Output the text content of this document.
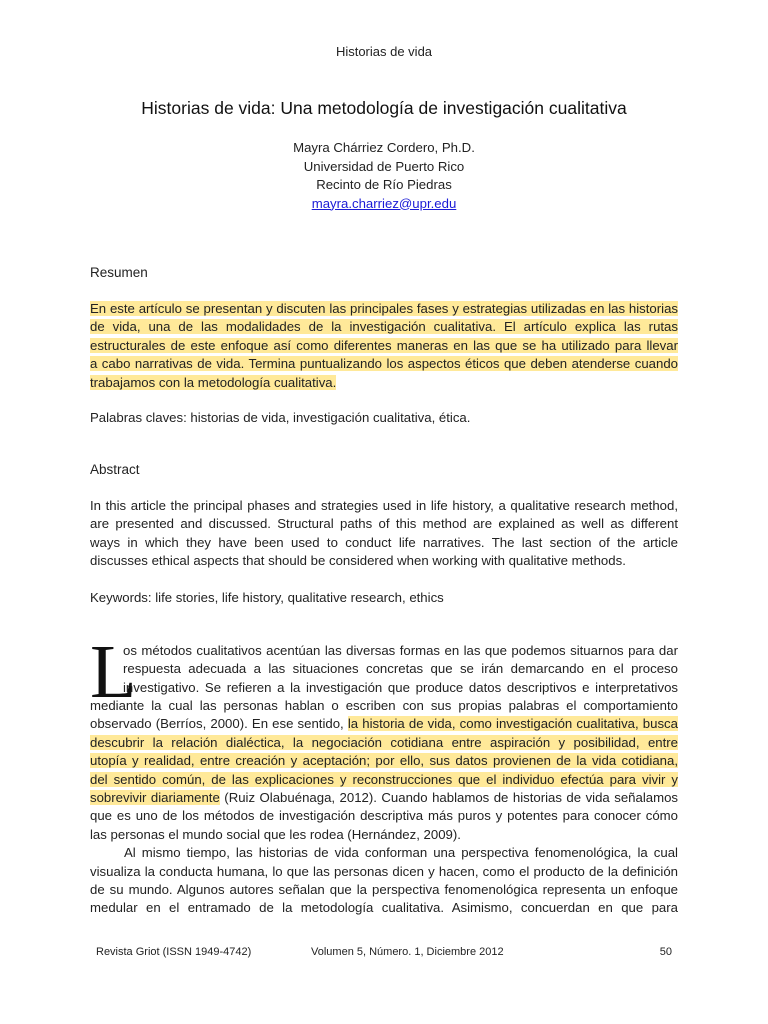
Historias de vida
Historias de vida: Una metodología de investigación cualitativa
Mayra Chárriez Cordero, Ph.D.
Universidad de Puerto Rico
Recinto de Río Piedras
mayra.charriez@upr.edu
Resumen
En este artículo se presentan y discuten las principales fases y estrategias utilizadas en las historias
de vida, una de las modalidades de la investigación cualitativa. El artículo explica las rutas
estructurales de este enfoque así como diferentes maneras en las que se ha utilizado para llevar
a cabo narrativas de vida. Termina puntualizando los aspectos éticos que deben atenderse cuando
trabajamos con la metodología cualitativa.
Palabras claves: historias de vida, investigación cualitativa, ética.
Abstract
In this article the principal phases and strategies used in life history, a qualitative research method,
are presented and discussed. Structural paths of this method are explained as well as different
ways in which they have been used to conduct life narratives. The last section of the article
discusses ethical aspects that should be considered when working with qualitative methods.
Keywords: life stories, life history, qualitative research, ethics
L
os métodos cualitativos acentúan las diversas formas en las que podemos situarnos para dar
respuesta adecuada a las situaciones concretas que se irán demarcando en el proceso
investigativo. Se refieren a la investigación que produce datos descriptivos e interpretativos
mediante la cual las personas hablan o escriben con sus propias palabras el comportamiento
observado (Berríos, 2000). En ese sentido, la historia de vida, como investigación cualitativa, busca
descubrir la relación dialéctica, la negociación cotidiana entre aspiración y posibilidad, entre
utopía y realidad, entre creación y aceptación; por ello, sus datos provienen de la vida cotidiana,
del sentido común, de las explicaciones y reconstrucciones que el individuo efectúa para vivir y
sobrevivir diariamente (Ruiz Olabuénaga, 2012). Cuando hablamos de historias de vida señalamos
que es uno de los métodos de investigación descriptiva más puros y potentes para conocer cómo
las personas el mundo social que les rodea (Hernández, 2009).
Al mismo tiempo, las historias de vida conforman una perspectiva fenomenológica, la cual
visualiza la conducta humana, lo que las personas dicen y hacen, como el producto de la definición
de su mundo. Algunos autores señalan que la perspectiva fenomenológica representa un enfoque
medular en el entramado de la metodología cualitativa. Asimismo, concuerdan en que para
Revista Griot (ISSN 1949-4742)	Volumen 5, Número. 1, Diciembre 2012	50
